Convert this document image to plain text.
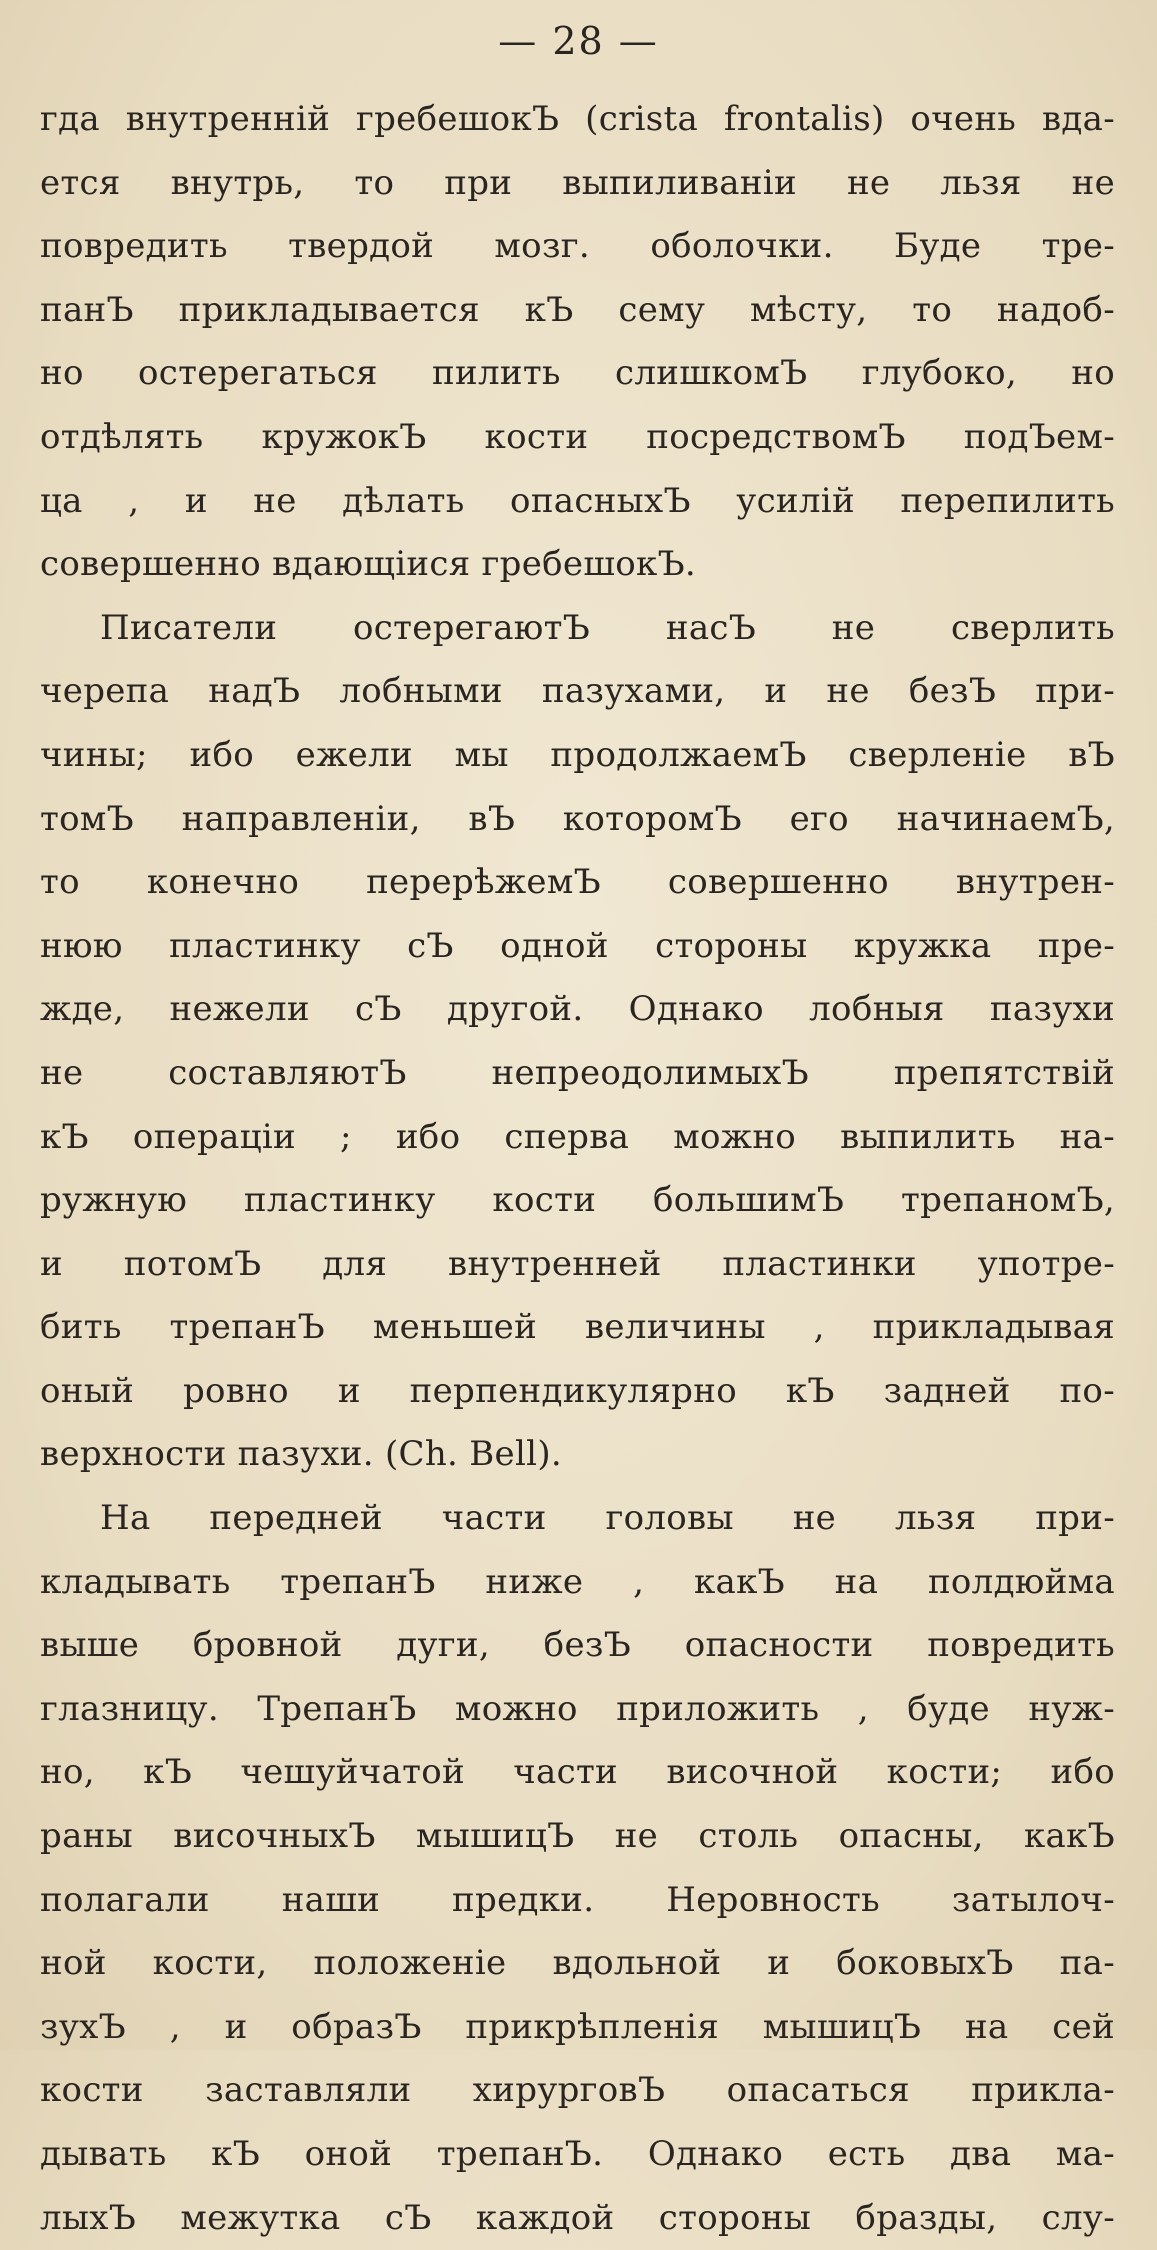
— 28 —
гда внутренній гребешокЪ (crista frontalis) очень вда-
ется внутрь, то при выпиливаніи не льзя не
повредить твердой мозг. оболочки. Буде тре-
панЪ прикладывается кЪ сему мѣсту, то надоб-
но остерегаться пилить слишкомЪ глубоко, но
отдѣлять кружокЪ кости посредствомЪ подЪем-
ца , и не дѣлать опасныхЪ усилій перепилить
совершенно вдающіися гребешокЪ.
Писатели остерегаютЪ насЪ не сверлить
черепа надЪ лобными пазухами, и не безЪ при-
чины; ибо ежели мы продолжаемЪ сверленіе вЪ
томЪ направленіи, вЪ которомЪ его начинаемЪ,
то конечно перерѣжемЪ совершенно внутрен-
нюю пластинку сЪ одной стороны кружка пре-
жде, нежели сЪ другой. Однако лобныя пазухи
не составляютЪ непреодолимыхЪ препятствій
кЪ операціи ; ибо сперва можно выпилить на-
ружную пластинку кости большимЪ трепаномЪ,
и потомЪ для внутренней пластинки употре-
бить трепанЪ меньшей величины , прикладывая
оный ровно и перпендикулярно кЪ задней по-
верхности пазухи. (Ch. Bell).
На передней части головы не льзя при-
кладывать трепанЪ ниже , какЪ на полдюйма
выше бровной дуги, безЪ опасности повредить
глазницу. ТрепанЪ можно приложить , буде нуж-
но, кЪ чешуйчатой части височной кости; ибо
раны височныхЪ мышицЪ не столь опасны, какЪ
полагали наши предки. Неровность затылоч-
ной кости, положеніе вдольной и боковыхЪ па-
зухЪ , и образЪ прикрѣпленія мышицЪ на сей
кости заставляли хирурговЪ опасаться прикла-
дывать кЪ оной трепанЪ. Однако есть два ма-
лыхЪ межутка сЪ каждой стороны бразды, слу-
